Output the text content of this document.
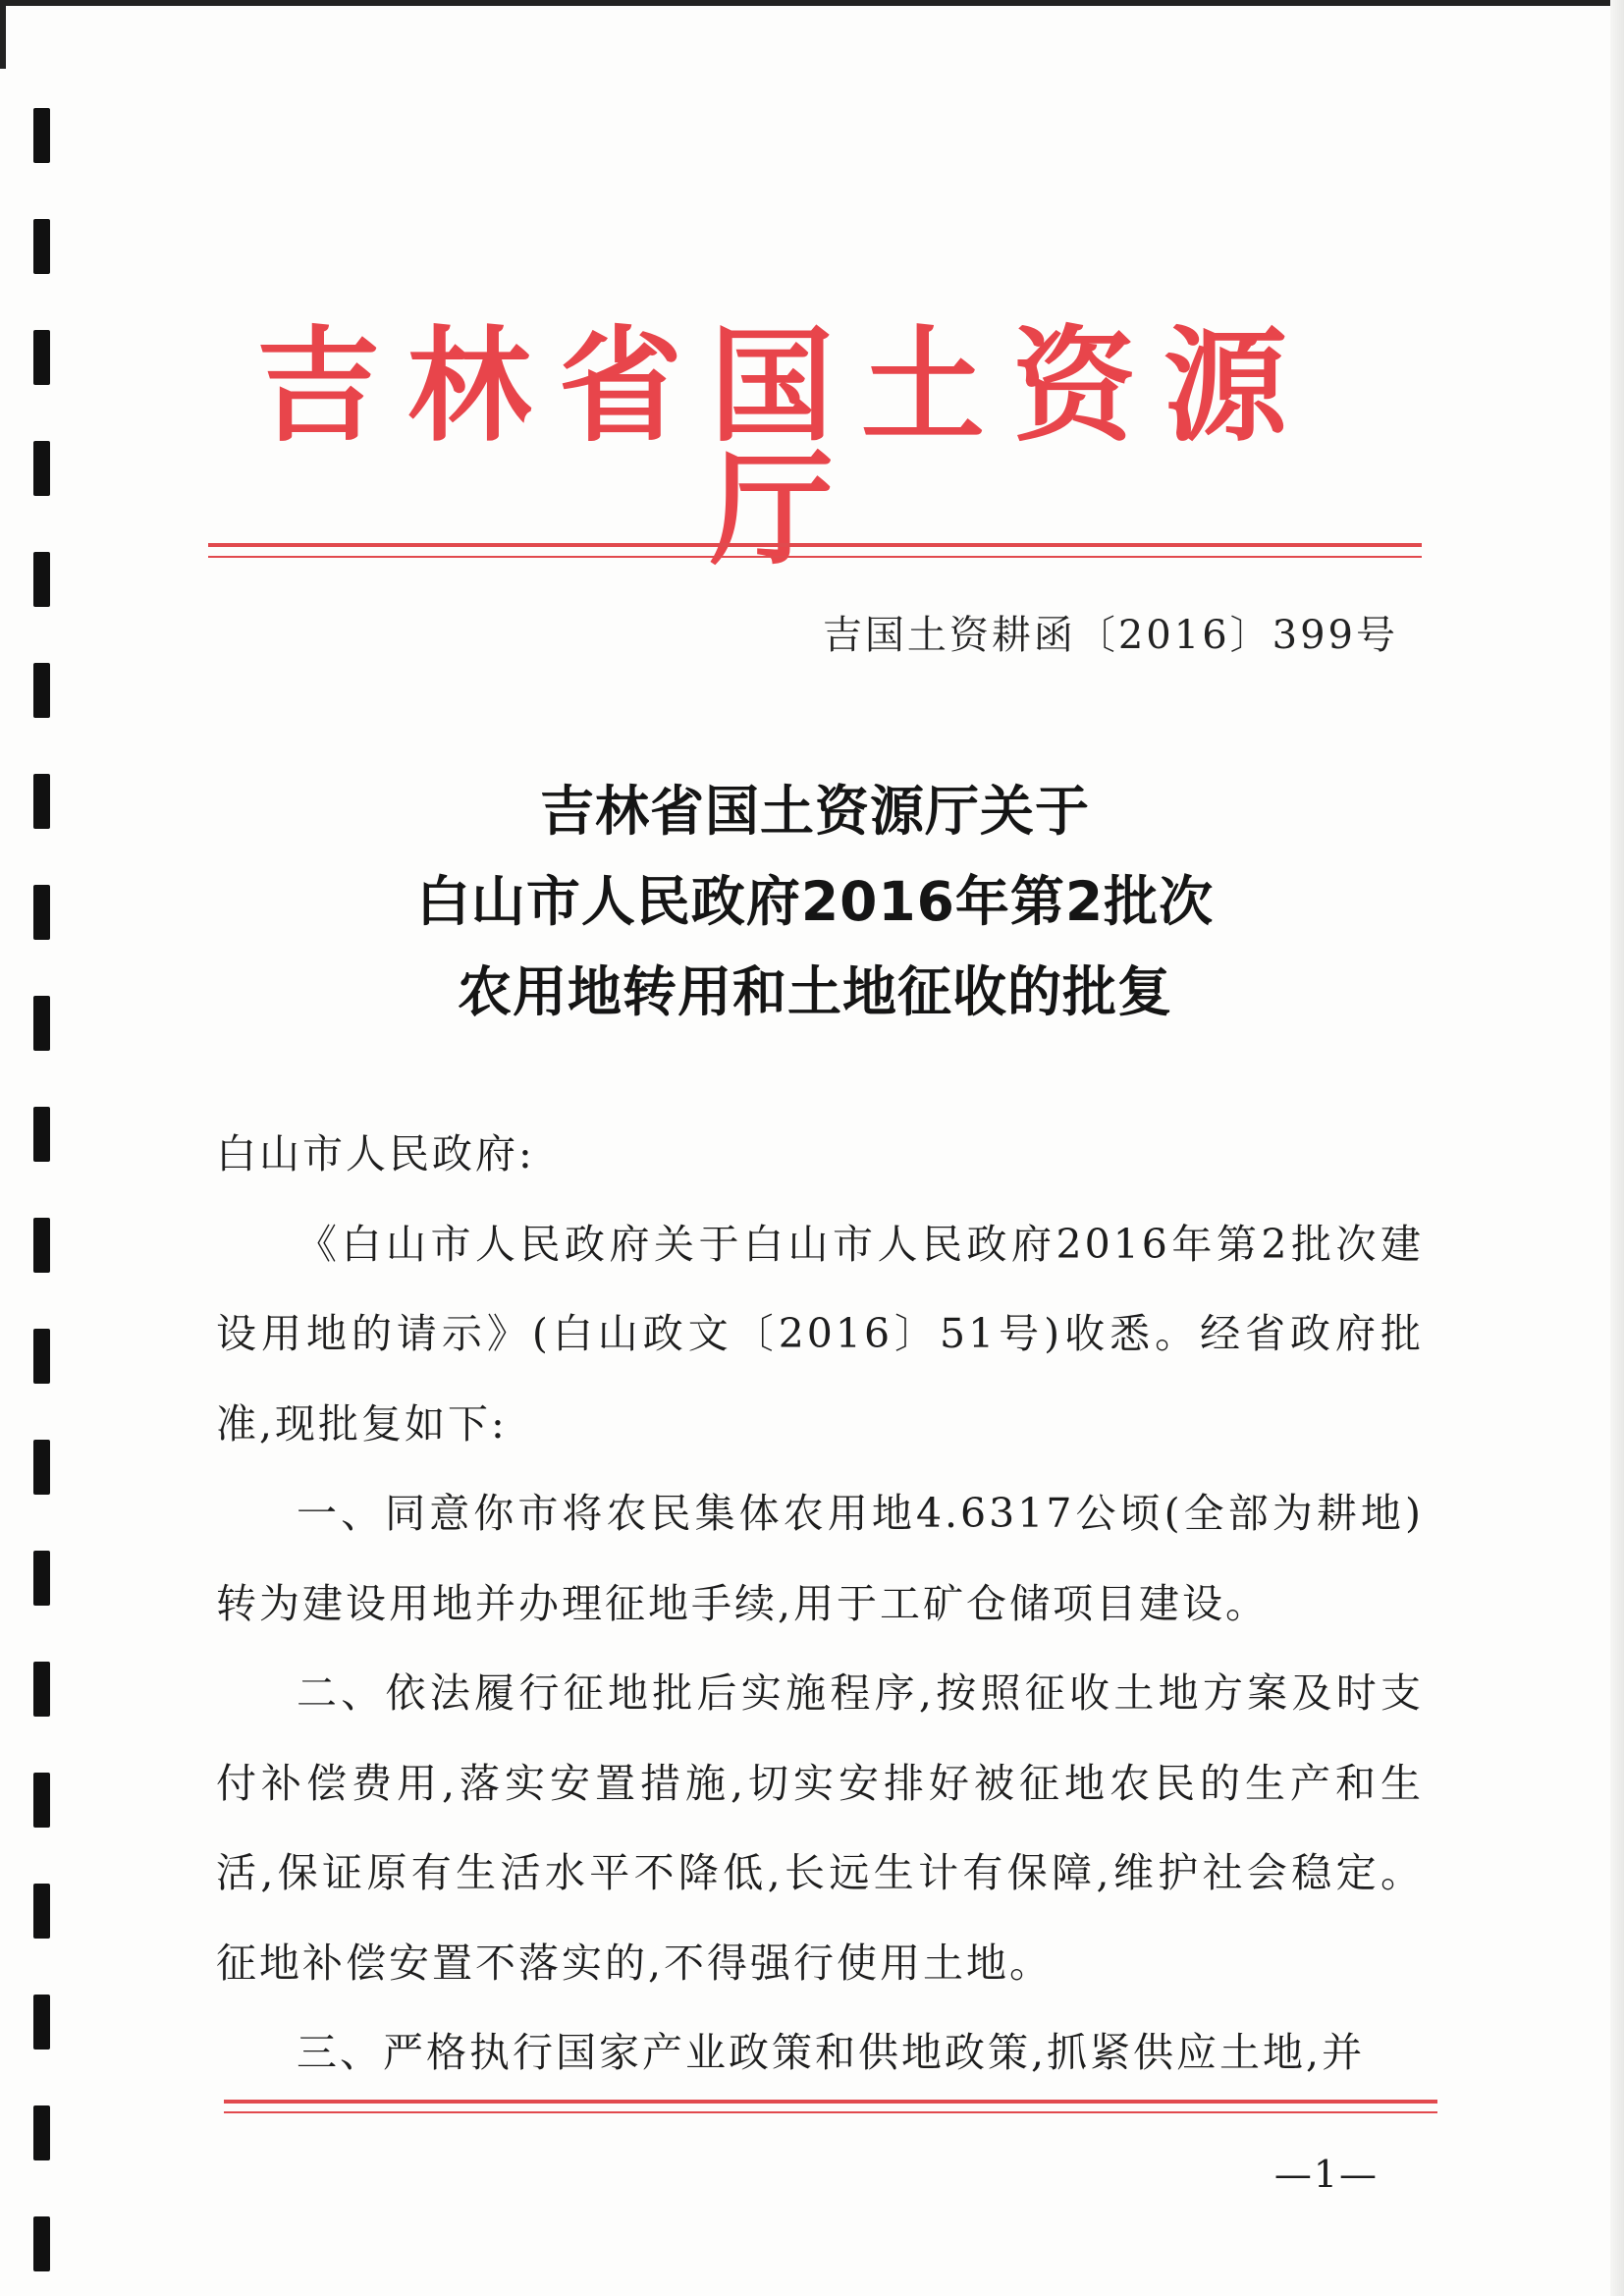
吉林省国土资源厅
吉国土资耕函〔2016〕399号
吉林省国土资源厅关于
白山市人民政府2016年第2批次
农用地转用和土地征收的批复
白山市人民政府:

《白山市人民政府关于白山市人民政府2016年第2批次建设用地的请示》(白山政文〔2016〕51号)收悉。经省政府批准,现批复如下:

一、同意你市将农民集体农用地4.6317公顷(全部为耕地)转为建设用地并办理征地手续,用于工矿仓储项目建设。

二、依法履行征地批后实施程序,按照征收土地方案及时支付补偿费用,落实安置措施,切实安排好被征地农民的生产和生活,保证原有生活水平不降低,长远生计有保障,维护社会稳定。征地补偿安置不落实的,不得强行使用土地。

三、严格执行国家产业政策和供地政策,抓紧供应土地,并

—1—
